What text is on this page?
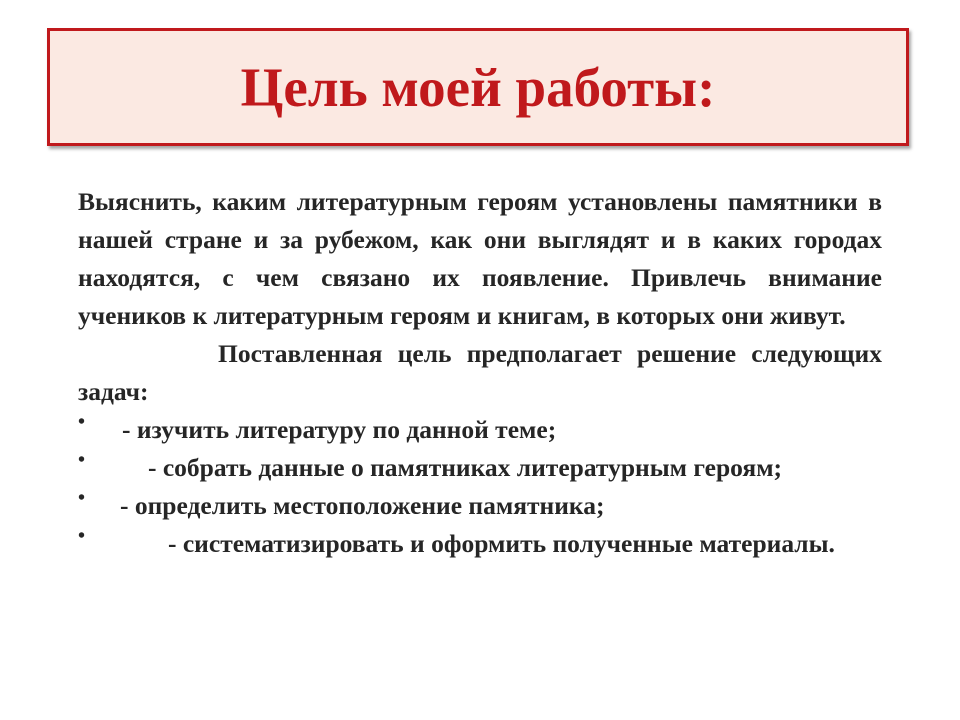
Цель моей работы:

Выяснить, каким литературным героям установлены памятники в нашей стране и за рубежом, как они выглядят и в каких городах находятся, с чем связано их появление. Привлечь внимание учеников к литературным героям и книгам, в которых они живут.

Поставленная цель предполагает решение следующих задач:

• - изучить литературу по данной теме;
•	- собрать данные о памятниках литературным героям;
•	- определить местоположение памятника;
•	- систематизировать и оформить полученные материалы.
